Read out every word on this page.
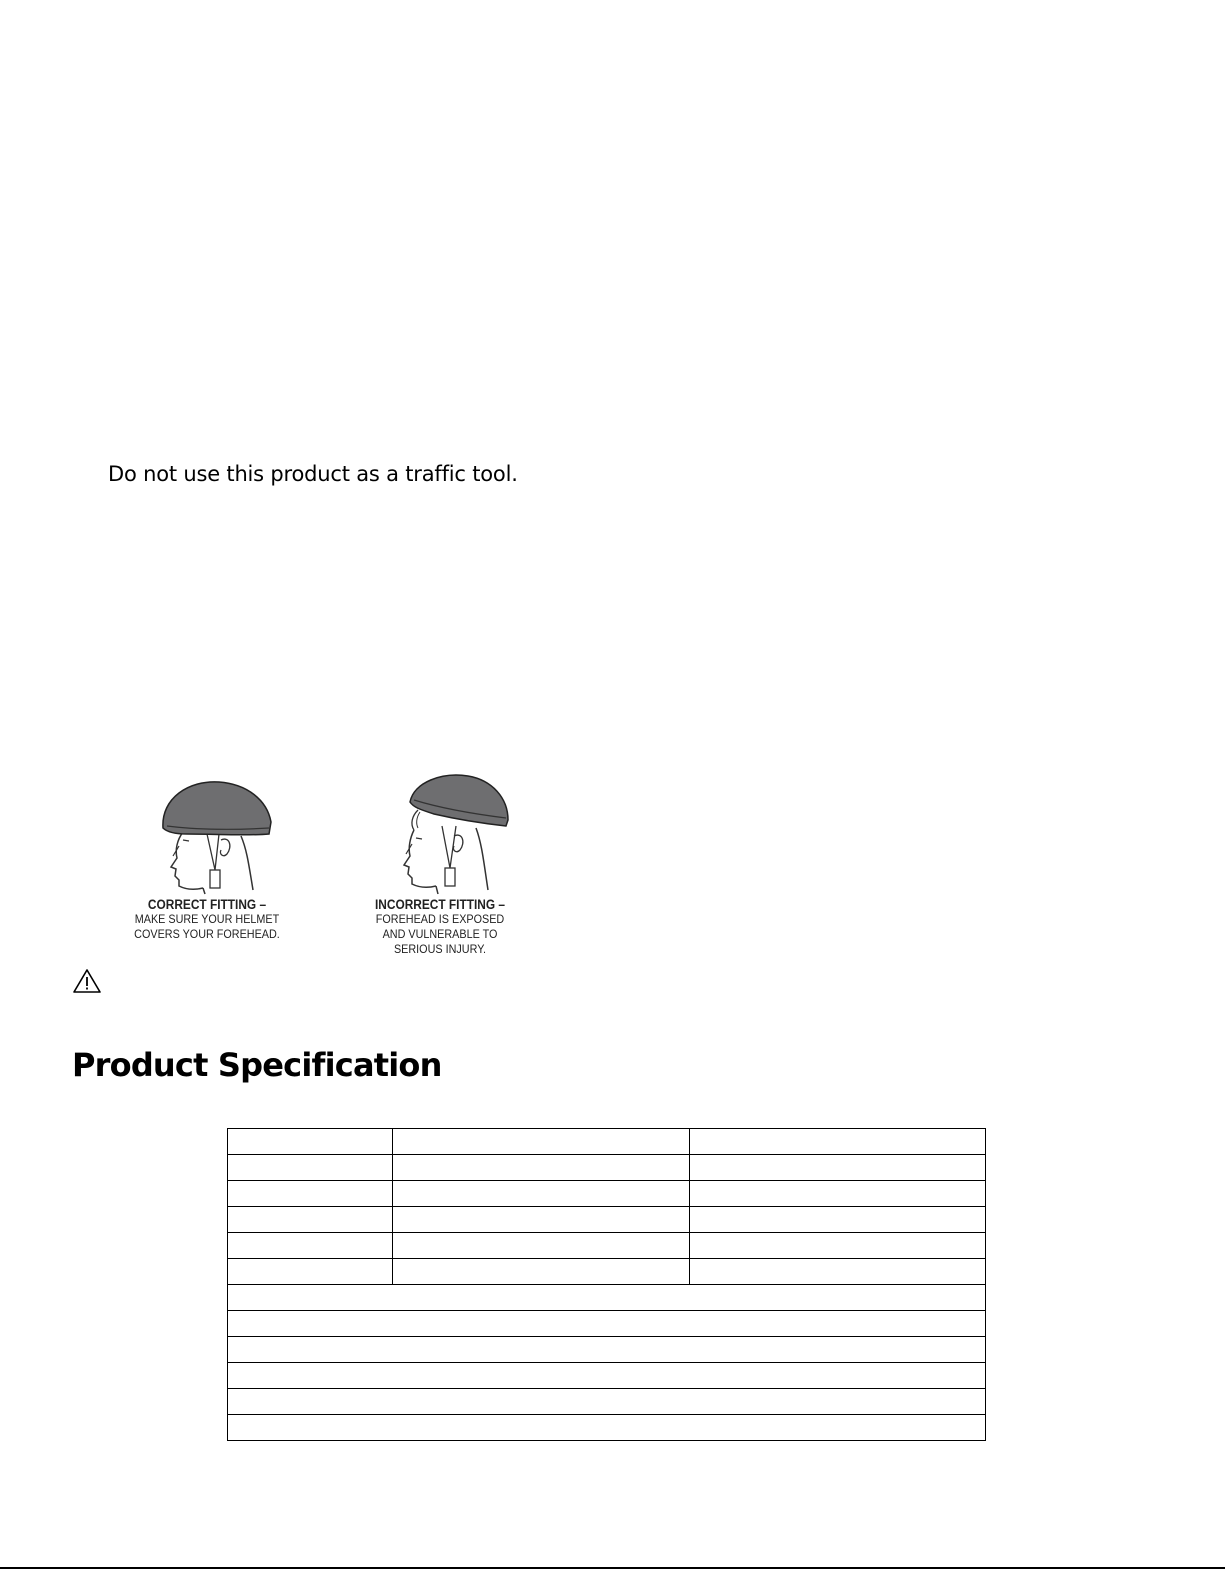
Do not use this product as a traffic tool.

CORRECT FITTING –
MAKE SURE YOUR HELMET
COVERS YOUR FOREHEAD.
INCORRECT FITTING –
FOREHEAD IS EXPOSED
AND VULNERABLE TO
SERIOUS INJURY.
Product Specification
